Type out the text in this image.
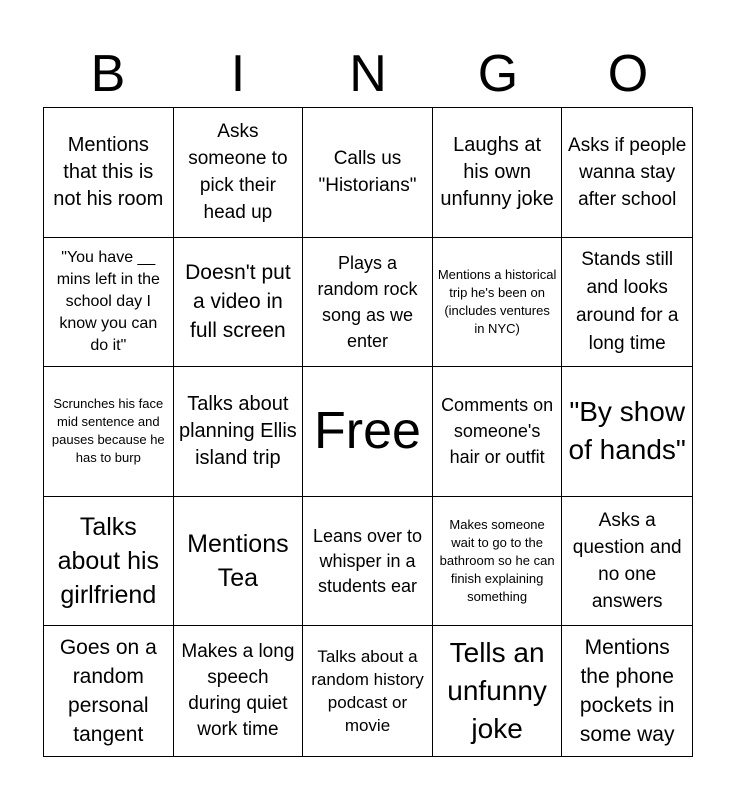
B	I	N	G	O
Mentions that this is not his room
Asks someone to pick their head up
Calls us "Historians"
Laughs at his own unfunny joke
Asks if people wanna stay after school
"You have __ mins left in the school day I know you can do it"
Doesn't put a video in full screen
Plays a random rock song as we enter
Mentions a historical trip he's been on (includes ventures in NYC)
Stands still and looks around for a long time
Scrunches his face mid sentence and pauses because he has to burp
Talks about planning Ellis island trip Free Comments on someone's hair or outfit
"By show of hands"
Talks about his girlfriend
Mentions Tea
Leans over to whisper in a students ear
Makes someone wait to go to the bathroom so he can finish explaining something
Asks a question and no one answers
Goes on a random personal tangent
Makes a long speech during quiet work time
Talks about a random history podcast or movie
Tells an unfunny joke
Mentions the phone pockets in some way
